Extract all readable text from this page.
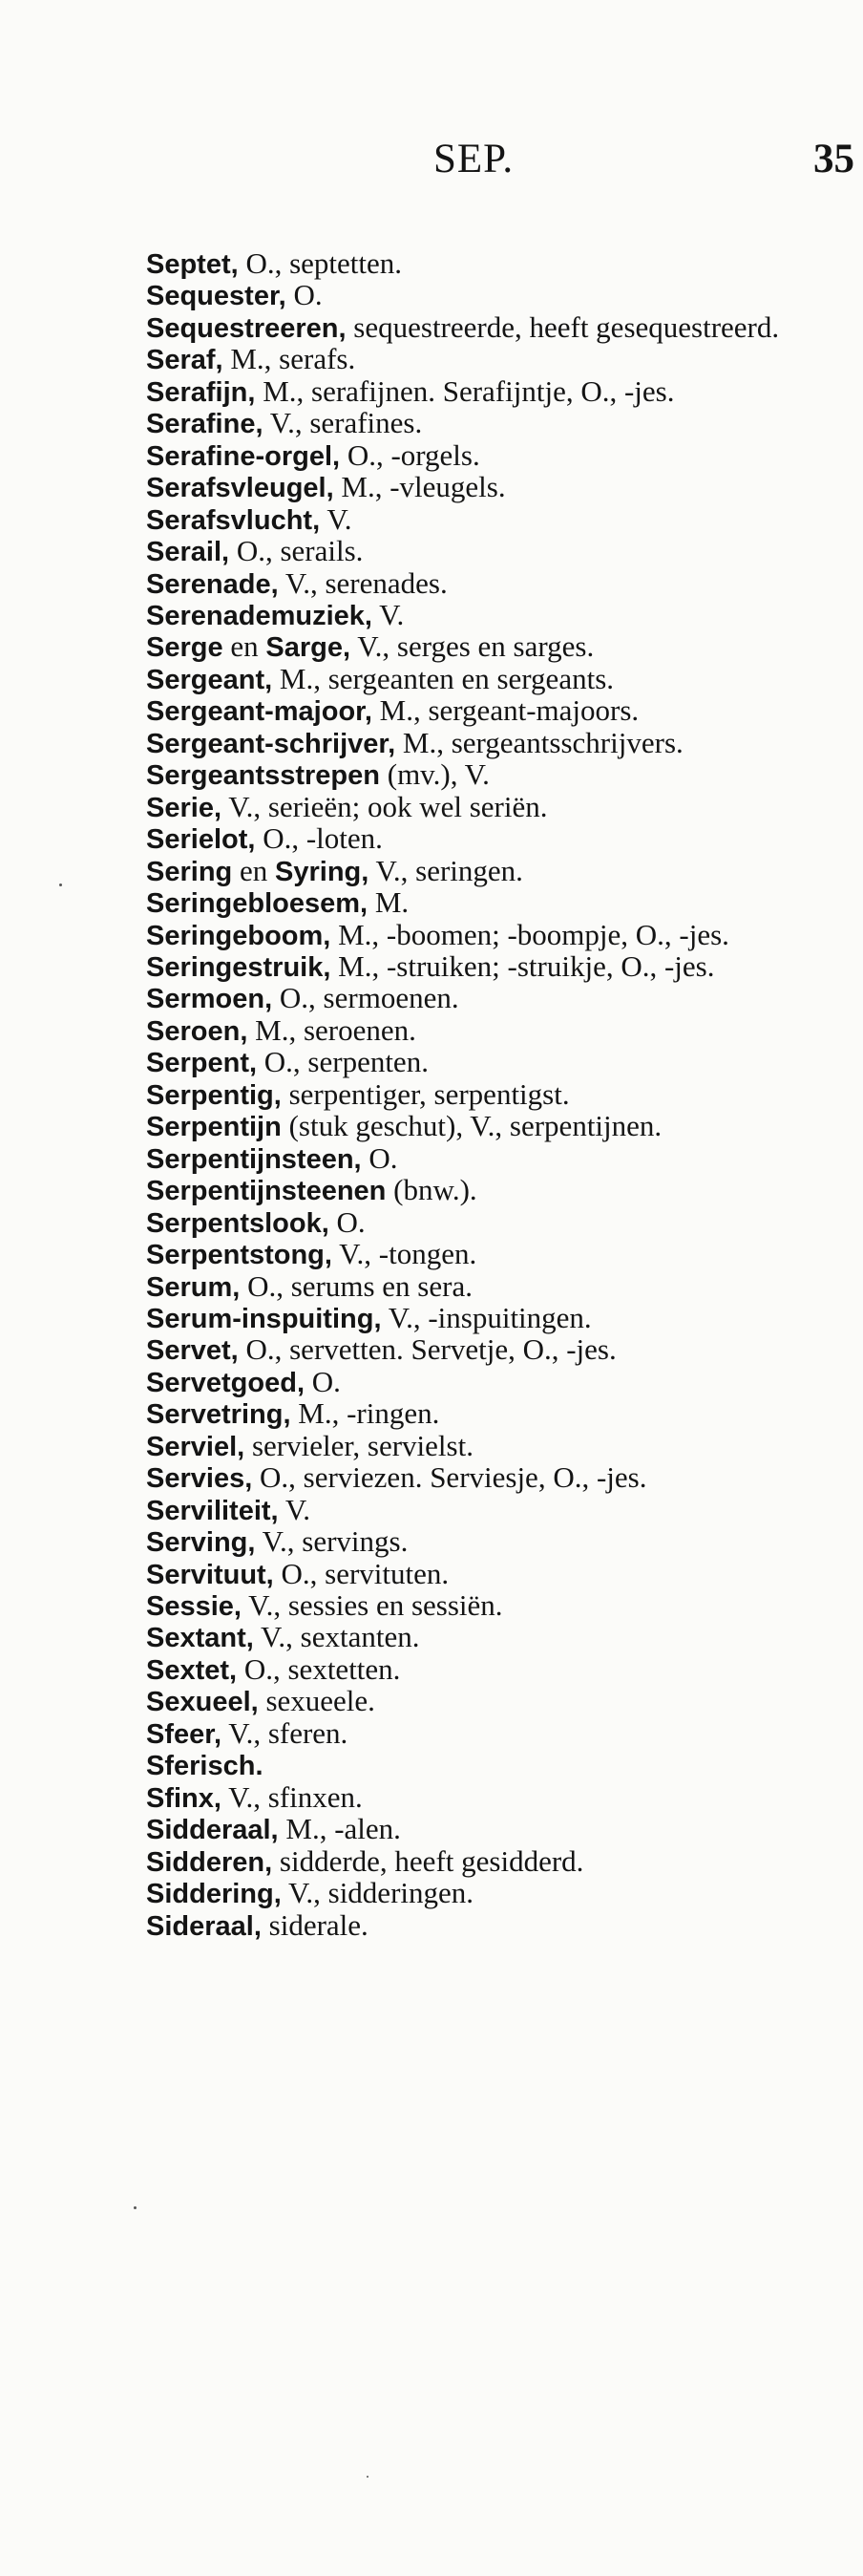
SEP.	35
Septet, O., septetten.
Sequester, O.
Sequestreeren, sequestreerde, heeft gesequestreerd.
Seraf, M., serafs.
Serafijn, M., serafijnen. Serafijntje, O., -jes.
Serafine, V., serafines.
Serafine-orgel, O., -orgels.
Serafsvleugel, M., -vleugels.
Serafsvlucht, V.
Serail, O., serails.
Serenade, V., serenades.
Serenademuziek, V.
Serge en Sarge, V., serges en sarges.
Sergeant, M., sergeanten en sergeants.
Sergeant-majoor, M., sergeant-majoors.
Sergeant-schrijver, M., sergeantsschrijvers.
Sergeantsstrepen (mv.), V.
Serie, V., serieën; ook wel seriën.
Serielot, O., -loten.
Sering en Syring, V., seringen.
Seringebloesem, M.
Seringeboom, M., -boomen; -boompje, O., -jes.
Seringestruik, M., -struiken; -struikje, O., -jes.
Sermoen, O., sermoenen.
Seroen, M., seroenen.
Serpent, O., serpenten.
Serpentig, serpentiger, serpentigst.
Serpentijn (stuk geschut), V., serpentijnen.
Serpentijnsteen, O.
Serpentijnsteenen (bnw.).
Serpentslook, O.
Serpentstong, V., -tongen.
Serum, O., serums en sera.
Serum-inspuiting, V., -inspuitingen.
Servet, O., servetten. Servetje, O., -jes.
Servetgoed, O.
Servetring, M., -ringen.
Serviel, servieler, servielst.
Servies, O., serviezen. Serviesje, O., -jes.
Serviliteit, V.
Serving, V., servings.
Servituut, O., servituten.
Sessie, V., sessies en sessiën.
Sextant, V., sextanten.
Sextet, O., sextetten.
Sexueel, sexueele.
Sfeer, V., sferen.
Sferisch.
Sfinx, V., sfinxen.
Sidderaal, M., -alen.
Sidderen, sidderde, heeft gesidderd.
Siddering, V., sidderingen.
Sideraal, siderale.
